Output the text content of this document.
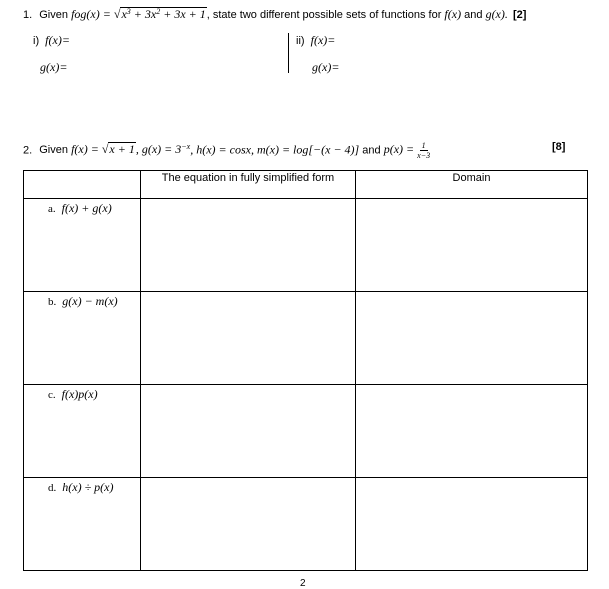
1. Given $fog(x) = √x^3 + 3x^2 + 3x + 1$, state two different possible sets of functions for f(x) and g(x). [2]
i) f(x)=
g(x)=
ii) f(x)=
g(x)=
2. Given f(x) = √x + 1, $g(x) = 3^{-x}$, h(x) = cosx, m(x) = log[−(x − 4)] and $p(x) = \frac{1}{x-3}$	[8]
	The equation in fully simplified form	Domain

a. f(x) + g(x)		

b. g(x) − m(x)		

c. f(x)p(x)		

d. h(x) ÷ p(x)		

2
